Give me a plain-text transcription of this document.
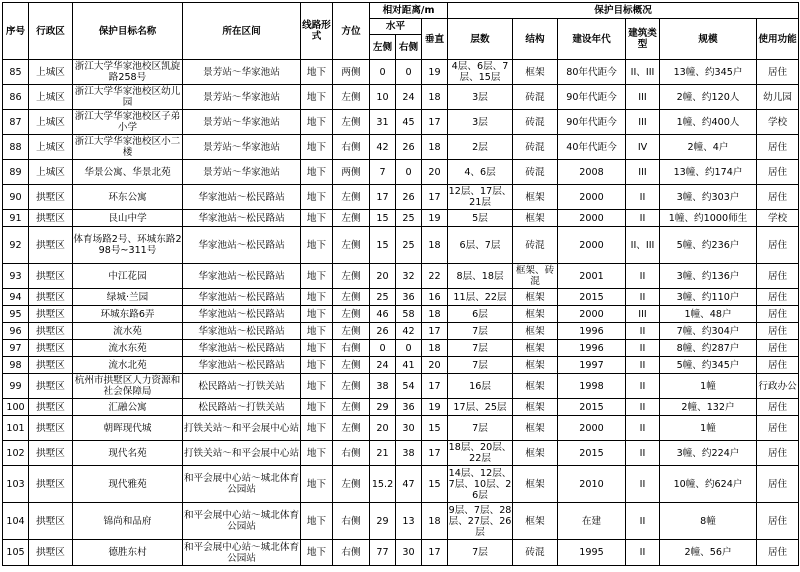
序号	行政区	保护目标名称	所在区间	线路形式	方位	相对距离/m			保护目标概况					
						水平		垂直	层数	结构	建设年代	建筑类型	规模	使用功能
						左侧	右侧							
85	上城区	浙江大学华家池校区凯旋路258号	景芳站～华家池站	地下	两侧	0	0	19	4层、6层、7层、15层	框架	80年代距今	II、III	13幢、约345户	居住
86	上城区	浙江大学华家池校区幼儿园	景芳站～华家池站	地下	左侧	10	24	18	3层	砖混	90年代距今	III	2幢、约120人	幼儿园
87	上城区	浙江大学华家池校区子弟小学	景芳站～华家池站	地下	左侧	31	45	17	3层	砖混	90年代距今	III	1幢、约400人	学校
88	上城区	浙江大学华家池校区小二楼	景芳站～华家池站	地下	右侧	42	26	18	2层	砖混	40年代距今	IV	2幢、4户	居住
89	上城区	华景公寓、华景北苑	景芳站～华家池站	地下	两侧	7	0	20	4、6层	砖混	2008	III	13幢、约174户	居住
90	拱墅区	环东公寓	华家池站～松民路站	地下	左侧	17	26	17	12层、17层、21层	框架	2000	II	3幢、约303户	居住
91	拱墅区	艮山中学	华家池站～松民路站	地下	左侧	15	25	19	5层	框架	2000	II	1幢、约1000师生	学校
92	拱墅区	体育场路2号、环城东路298号~311号	华家池站～松民路站	地下	左侧	15	25	18	6层、7层	砖混	2000	II、III	5幢、约236户	居住
93	拱墅区	中江花园	华家池站～松民路站	地下	左侧	20	32	22	8层、18层	框架、砖混	2001	II	3幢、约136户	居住
94	拱墅区	绿城·兰园	华家池站～松民路站	地下	左侧	25	36	16	11层、22层	框架	2015	II	3幢、约110户	居住
95	拱墅区	环城东路6弄	华家池站～松民路站	地下	左侧	46	58	18	6层	框架	2000	III	1幢、48户	居住
96	拱墅区	流水苑	华家池站～松民路站	地下	左侧	26	42	17	7层	框架	1996	II	7幢、约304户	居住
97	拱墅区	流水东苑	华家池站～松民路站	地下	右侧	0	0	18	7层	框架	1996	II	8幢、约287户	居住
98	拱墅区	流水北苑	华家池站～松民路站	地下	左侧	24	41	20	7层	框架	1997	II	5幢、约345户	居住
99	拱墅区	杭州市拱墅区人力资源和社会保障局	松民路站～打铁关站	地下	左侧	38	54	17	16层	框架	1998	II	1幢	行政办公
100	拱墅区	汇融公寓	松民路站～打铁关站	地下	左侧	29	36	19	17层、25层	框架	2015	II	2幢、132户	居住
101	拱墅区	朝晖现代城	打铁关站～和平会展中心站	地下	左侧	20	30	15	7层	框架	2000	II	1幢	居住
102	拱墅区	现代名苑	打铁关站～和平会展中心站	地下	右侧	21	38	17	18层、20层、22层	框架	2015	II	3幢、约224户	居住
103	拱墅区	现代雅苑	和平会展中心站～城北体育公园站	地下	左侧	15.2	47	15	14层、12层、7层、10层、26层	框架	2010	II	10幢、约624户	居住
104	拱墅区	锦尚和品府	和平会展中心站～城北体育公园站	地下	右侧	29	13	18	9层、7层、28层、27层、26层	框架	在建	II	8幢	居住
105	拱墅区	德胜东村	和平会展中心站～城北体育公园站	地下	右侧	77	30	17	7层	砖混	1995	II	2幢、56户	居住
